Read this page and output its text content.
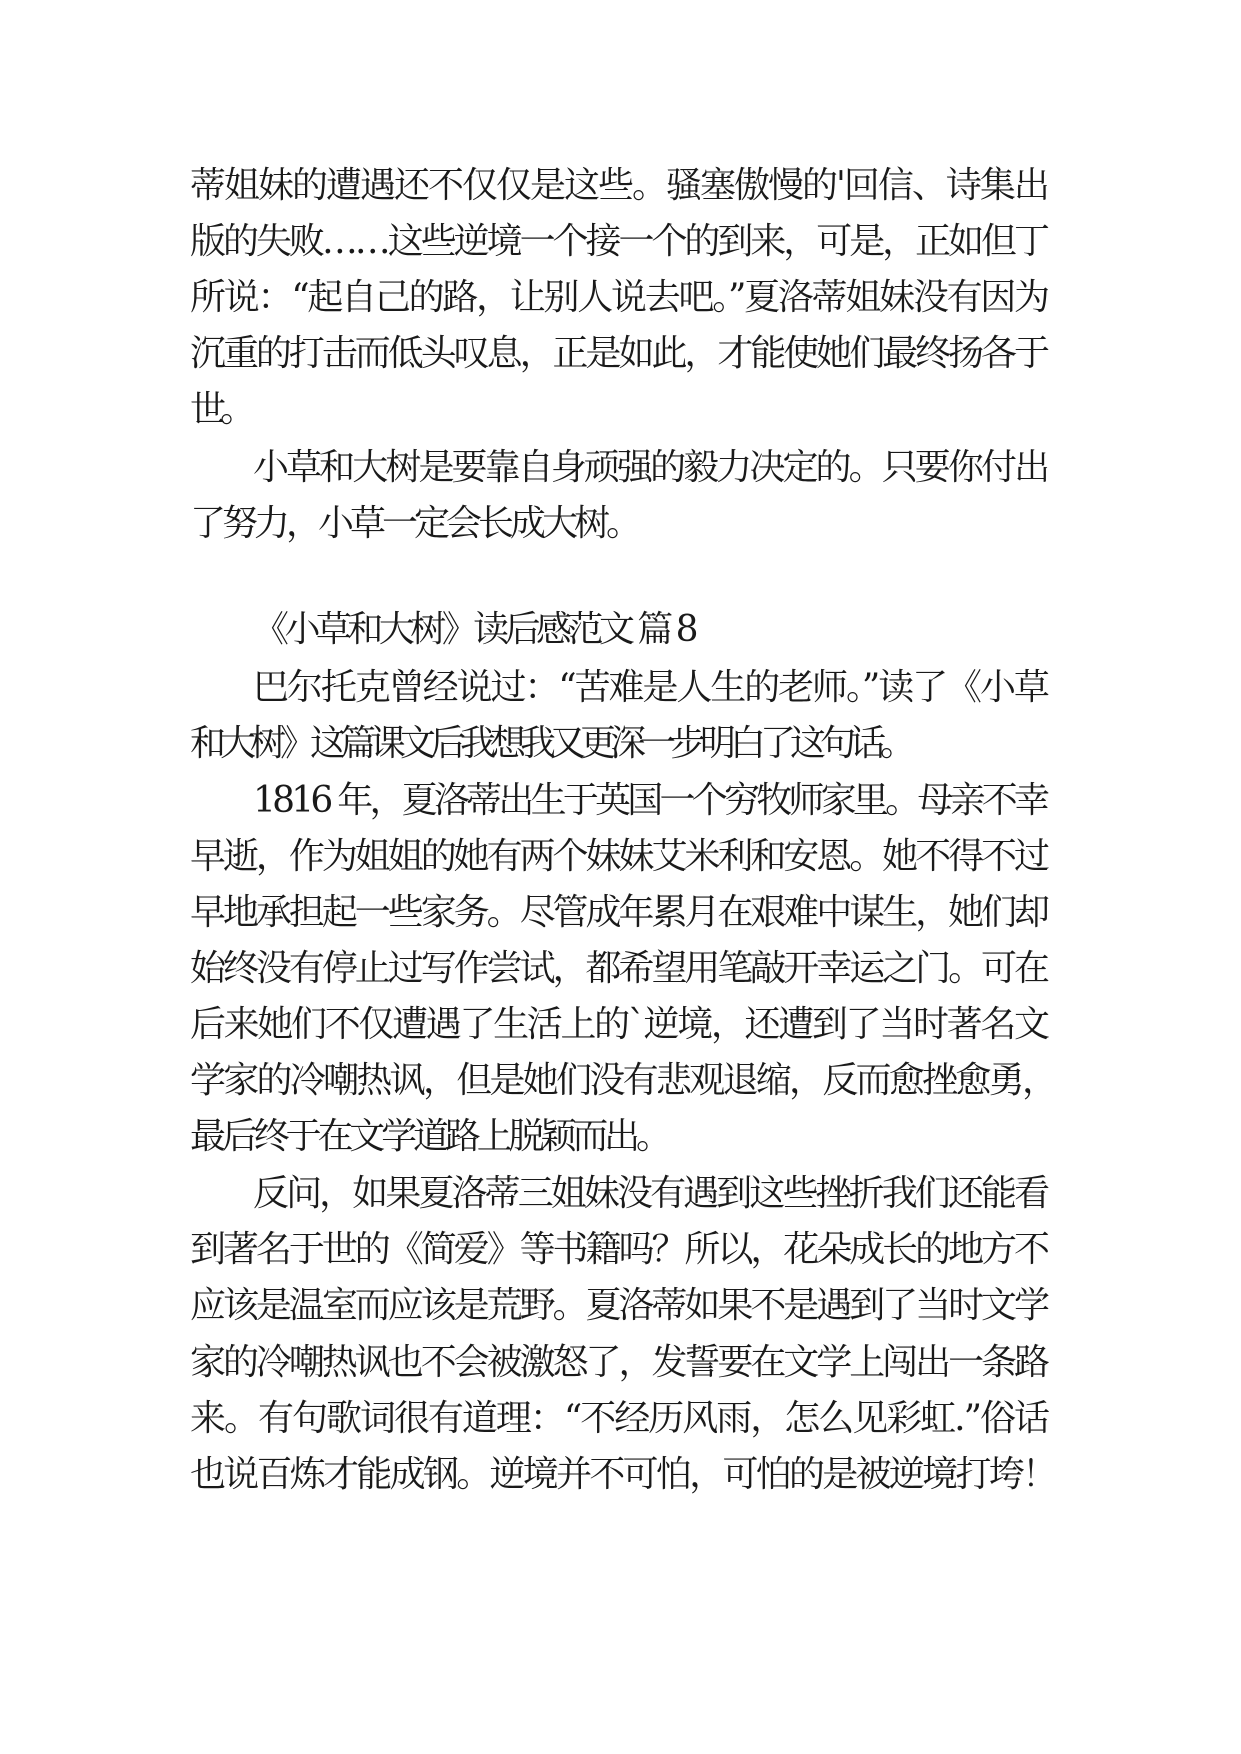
蒂姐妹的遭遇还不仅仅是这些。骚塞傲慢的'回信、诗集出

版的失败……这些逆境一个接一个的到来，可是，正如但丁

所说：“起自己的路，让别人说去吧。”夏洛蒂姐妹没有因为

沉重的打击而低头叹息，正是如此，才能使她们最终扬各于

世。

小草和大树是要靠自身顽强的毅力决定的。只要你付出

了努力，小草一定会长成大树。

《小草和大树》读后感范文 篇 8

巴尔托克曾经说过：“苦难是人生的老师。”读了《小草

和大树》这篇课文后我想我又更深一步明白了这句话。

1816 年，夏洛蒂出生于英国一个穷牧师家里。母亲不幸

早逝，作为姐姐的她有两个妹妹艾米利和安恩。她不得不过

早地承担起一些家务。尽管成年累月在艰难中谋生，她们却

始终没有停止过写作尝试，都希望用笔敲开幸运之门。可在

后来她们不仅遭遇了生活上的`逆境，还遭到了当时著名文

学家的冷嘲热讽，但是她们没有悲观退缩，反而愈挫愈勇，

最后终于在文学道路上脱颖而出。

反问，如果夏洛蒂三姐妹没有遇到这些挫折我们还能看

到著名于世的《简爱》等书籍吗？所以，花朵成长的地方不

应该是温室而应该是荒野。夏洛蒂如果不是遇到了当时文学

家的冷嘲热讽也不会被激怒了，发誓要在文学上闯出一条路

来。有句歌词很有道理：“不经历风雨，怎么见彩虹.”俗话

也说百炼才能成钢。逆境并不可怕，可怕的是被逆境打垮！
